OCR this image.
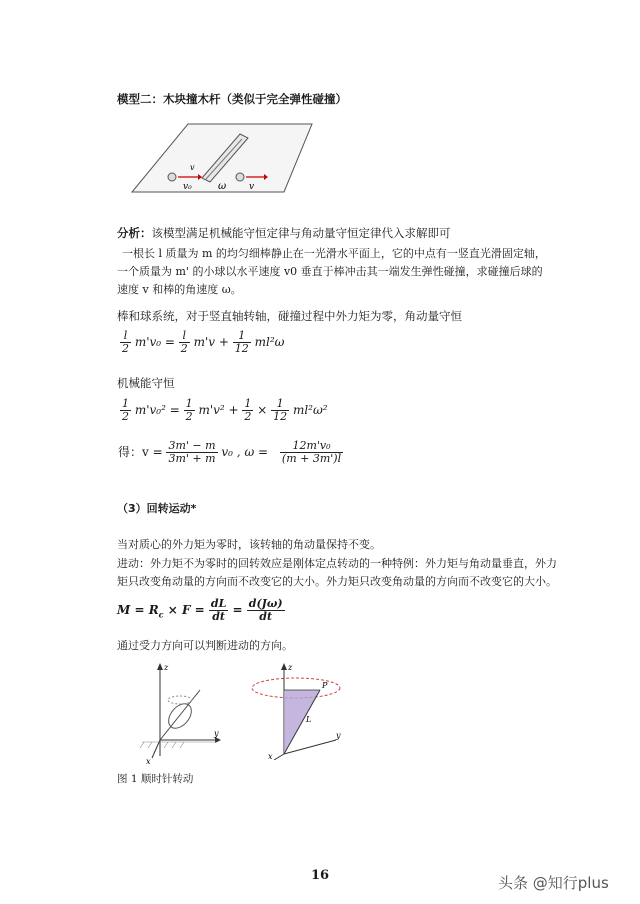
模型二：木块撞木杆（类似于完全弹性碰撞）
v
v₀	ω	v
分析：该模型满足机械能守恒定律与角动量守恒定律代入求解即可
一根长 l 质量为 m 的均匀细棒静止在一光滑水平面上，它的中点有一竖直光滑固定轴，
一个质量为 m' 的小球以水平速度 v0 垂直于棒冲击其一端发生弹性碰撞，求碰撞后球的
速度 v 和棒的角速度 ω。
棒和球系统，对于竖直轴转轴，碰撞过程中外力矩为零，角动量守恒
$\frac{l}{2} m'v_0 = \frac{l}{2} m'v + \frac{1}{12} ml^2\omega$
机械能守恒
$\frac{1}{2} m'v_0^2 = \frac{1}{2} m'v^2 + \frac{1}{2} \times \frac{1}{12} ml^2\omega^2$
得：$v = \frac{3m' - m}{3m' + m} v_0$ , $\omega = \frac{\text{12m'v₀}}{(m + 3m')l}$
（3）回转运动*
当对质心的外力矩为零时，该转轴的角动量保持不变。
进动：外力矩不为零时的回转效应是刚体定点转动的一种特例：外力矩与角动量垂直，外力
矩只改变角动量的方向而不改变它的大小。外力矩只改变角动量的方向而不改变它的大小。
$M = R_c \times F = \frac{dL}{dt} = \frac{d(J\omega)}{dt}$
通过受力方向可以判断进动的方向。
z
y
x
z
P
L
y
x
图 1 顺时针转动
16	头条 @知行plus
